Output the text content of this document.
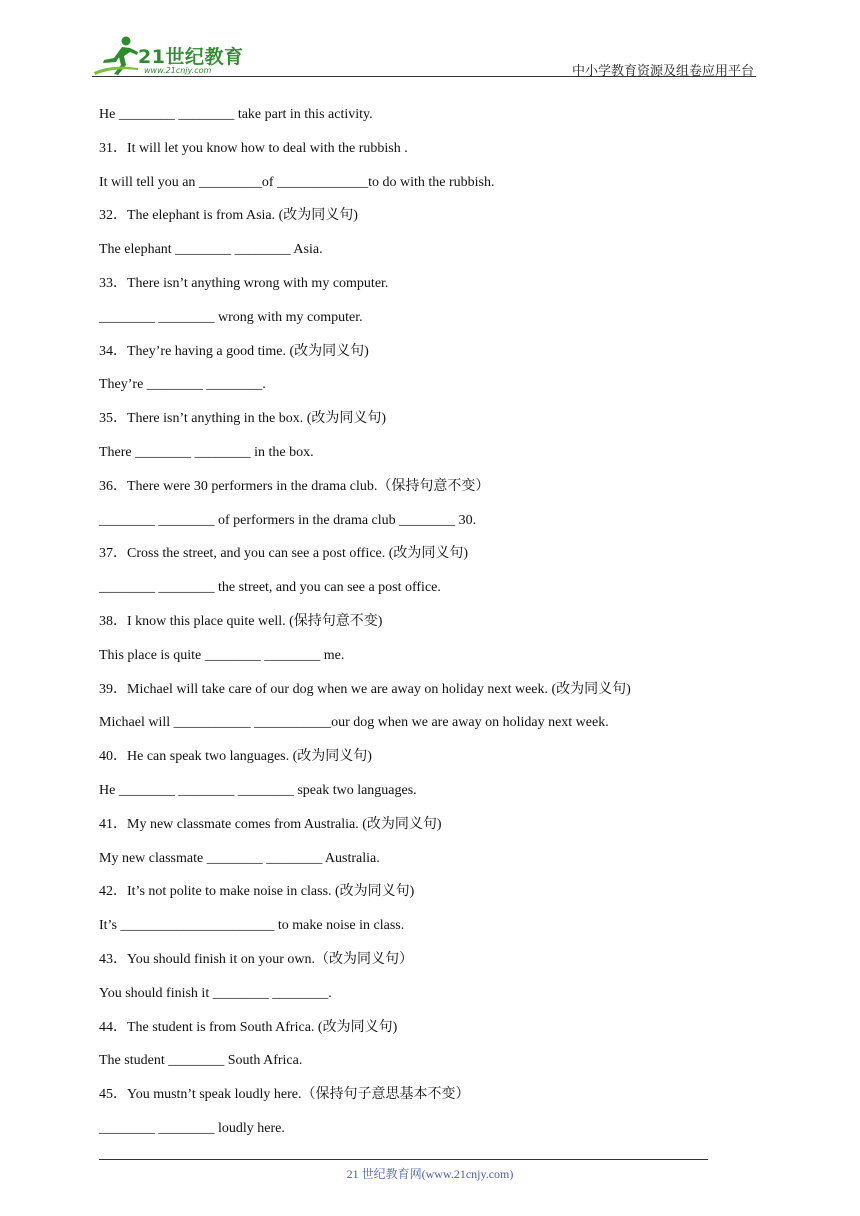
21世纪教育
www.21cnjy.com	中小学教育资源及组卷应用平台
He ________ ________ take part in this activity.
31．It will let you know how to deal with the rubbish .
It will tell you an _________of _____________to do with the rubbish.
32．The elephant is from Asia. (改为同义句)
The elephant ________ ________ Asia.
33．There isn’t anything wrong with my computer.
________ ________ wrong with my computer.
34．They’re having a good time. (改为同义句)
They’re ________ ________.
35．There isn’t anything in the box. (改为同义句)
There ________ ________ in the box.
36．There were 30 performers in the drama club.（保持句意不变）
________ ________ of performers in the drama club ________ 30.
37．Cross the street, and you can see a post office. (改为同义句)
________ ________ the street, and you can see a post office.
38．I know this place quite well. (保持句意不变)
This place is quite ________ ________ me.
39．Michael will take care of our dog when we are away on holiday next week. (改为同义句)
Michael will ___________ ___________our dog when we are away on holiday next week.
40．He can speak two languages. (改为同义句)
He ________ ________ ________ speak two languages.
41．My new classmate comes from Australia. (改为同义句)
My new classmate ________ ________ Australia.
42．It’s not polite to make noise in class. (改为同义句)
It’s ______________________ to make noise in class.
43．You should finish it on your own.（改为同义句）
You should finish it ________ ________.
44．The student is from South Africa. (改为同义句)
The student ________ South Africa.
45．You mustn’t speak loudly here.（保持句子意思基本不变）
________ ________ loudly here.
21 世纪教育网(www.21cnjy.com)
